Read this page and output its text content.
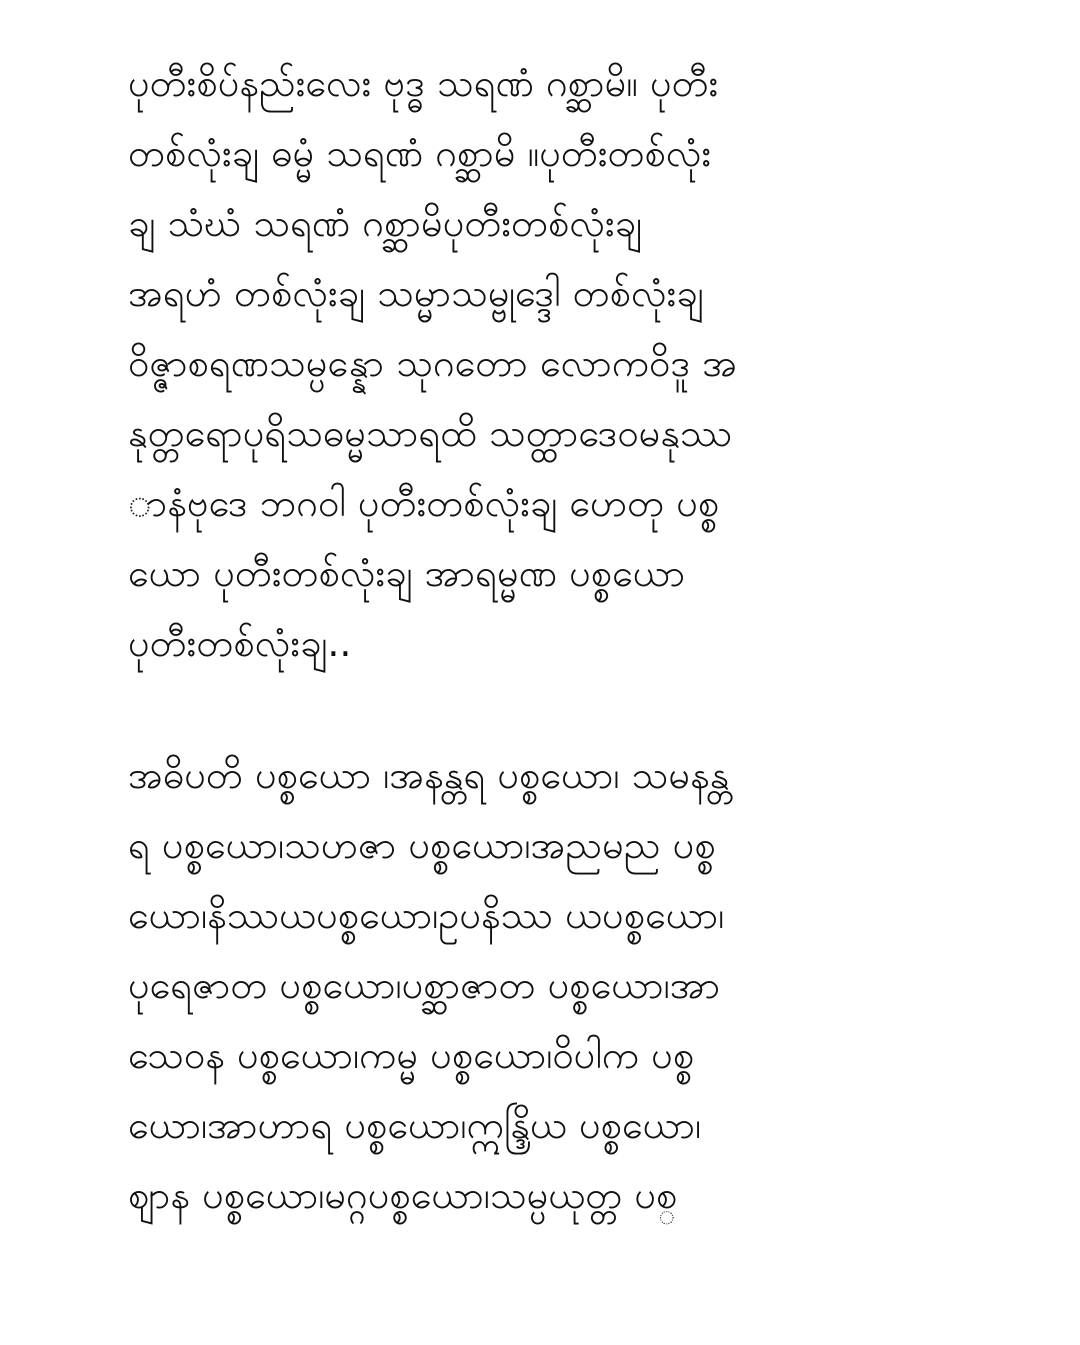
ပုတီးစိပ်နည်းလေး ဗုဒ္ဓ သရဏံ ဂစ္ဆာမိ။ ပုတီး
တစ်လုံးချ ဓမ္မံ သရဏံ ဂစ္ဆာမိ ။ပုတီးတစ်လုံး
ချ သံဃံ သရဏံ ဂစ္ဆာမိပုတီးတစ်လုံးချ
အရဟံ တစ်လုံးချ သမ္မာသမ္ဗုဒ္ဒေါ တစ်လုံးချ
ဝိဇ္ဇာစရဏသမ္ပန္နော သုဂတော လောကဝိဒူ အ
နုတ္တရောပုရိသဓမ္မသာရထိ သတ္ထာဒေဝမနုဿ
ာနံဗုဒေ ဘဂဝါ ပုတီးတစ်လုံးချ ဟေတု ပစ္စ
ယော ပုတီးတစ်လုံးချ အာရမ္မဏ ပစ္စယော
ပုတီးတစ်လုံးချ..
အဓိပတိ ပစ္စယော ၊အနန္တရ ပစ္စယော၊ သမနန္တ
ရ ပစ္စယော၊သဟဇာ ပစ္စယော၊အညမည ပစ္စ
ယော၊နိဿယပစ္စယော၊ဥပနိဿ ယပစ္စယော၊
ပုရေဇာတ ပစ္စယော၊ပစ္ဆာဇာတ ပစ္စယော၊အာ
သေဝန ပစ္စယော၊ကမ္မ ပစ္စယော၊ဝိပါက ပစ္စ
ယော၊အာဟာရ ပစ္စယော၊ဣန္ဒြိယ ပစ္စယော၊
ဈာန ပစ္စယော၊မဂ္ဂပစ္စယော၊သမ္ပယုတ္တ ပစ္
